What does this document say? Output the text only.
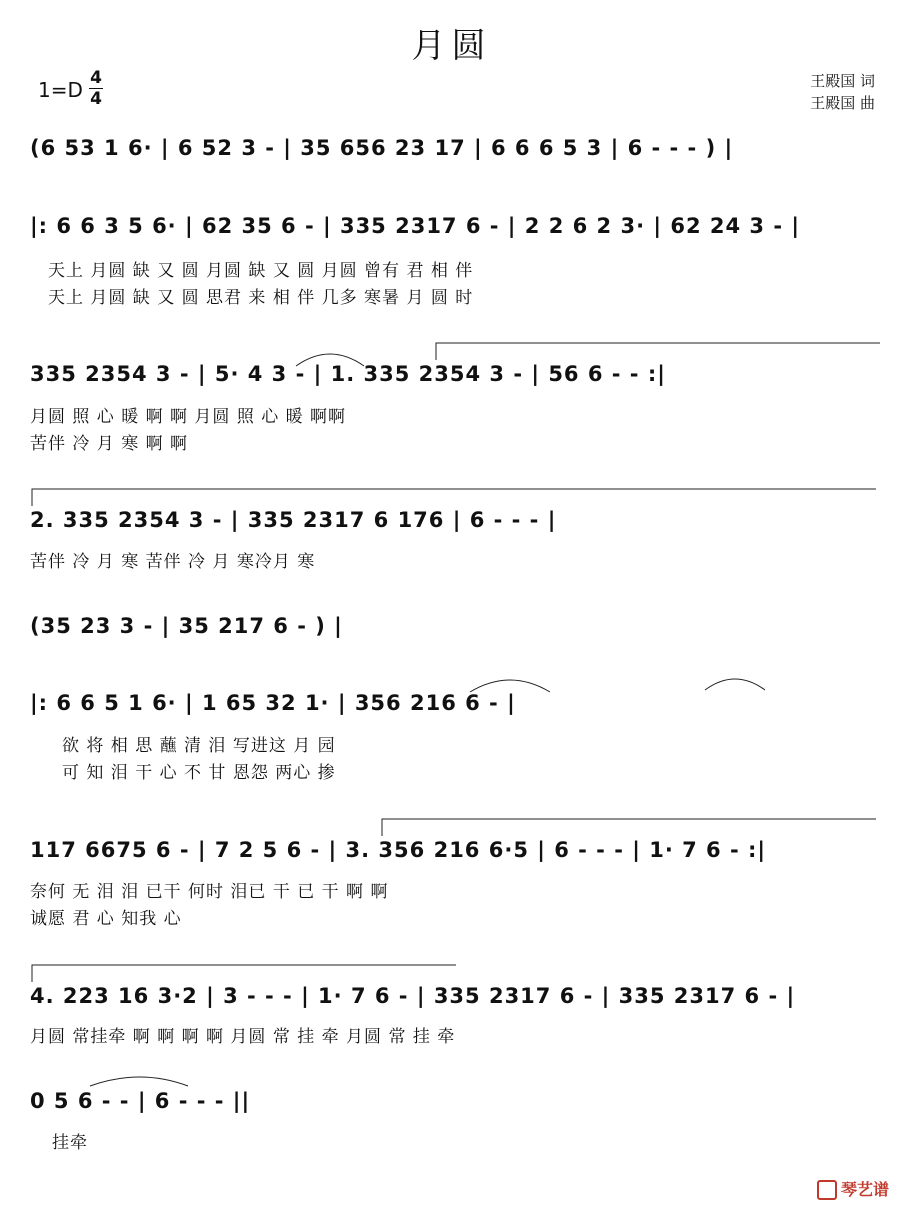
月圆
1=D 4
4
王殿国 词
王殿国 曲
(6 53 1 6· | 6 52 3 - | 35 656 23 17 | 6 6 6 5 3 | 6 - - - ) |
|: 6 6 3 5 6· | 62 35 6 - | 335 2317 6 - | 2 2 6 2 3· | 62 24 3 - |
天上 月圆 缺 又 圆 月圆 缺 又 圆 月圆 曾有 君 相 伴
天上 月圆 缺 又 圆 思君 来 相 伴 几多 寒暑 月 圆 时
335 2354 3 - | 5· 4 3 - | 1. 335 2354 3 - | 56 6 - - :|
月圆 照 心 暖 啊 啊 月圆 照 心 暖 啊啊
苦伴 冷 月 寒 啊 啊
2. 335 2354 3 - | 335 2317 6 176 | 6 - - - |
苦伴 冷 月 寒 苦伴 冷 月 寒冷月 寒
(35 23 3 - | 35 217 6 - ) |
|: 6 6 5 1 6· | 1 65 32 1· | 356 216 6 - |
欲 将 相 思 蘸 清 泪 写进这 月 园
可 知 泪 干 心 不 甘 恩怨 两心 掺
117 6675 6 - | 7 2 5 6 - | 3. 356 216 6·5 | 6 - - - | 1· 7 6 - :|
奈何 无 泪 泪 已干 何时 泪已 干 已 干 啊 啊
诚愿 君 心 知我 心
4. 223 16 3·2 | 3 - - - | 1· 7 6 - | 335 2317 6 - | 335 2317 6 - |
月圆 常挂牵 啊 啊 啊 啊 月圆 常 挂 牵 月圆 常 挂 牵
0 5 6 - - | 6 - - - ||
挂牵
琴艺谱
